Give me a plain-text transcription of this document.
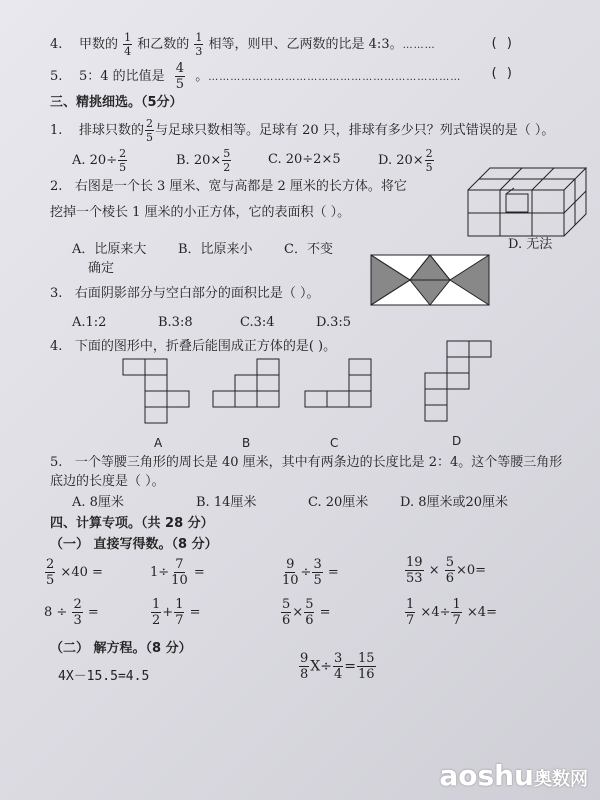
4. 甲数的 $\frac{1}{4}$ 和乙数的 $\frac{1}{3}$ 相等，则甲、乙两数的比是 4:3。………	( )
5. 5：4 的比值是 $\frac{4}{5}$ 。…………………………………………………………… ( )
三、精挑细选。（5分）
1. 排球只数的 $\frac{2}{5}$ 与足球只数相等。足球有 20 只，排球有多少只？列式错误的是（ ）。
A. $20\div \frac{2}{5}$	B. $20\times \frac{5}{2}$	C. 20÷2×5	D. $20\times \frac{2}{5}$
2. 右图是一个长 3 厘米、宽与高都是 2 厘米的长方体。将它
挖掉一个棱长 1 厘米的小正方体，它的表面积（ ）。
A．比原来大 B．比原来小 C．不变	D. 无法
确定
3. 右面阴影部分与空白部分的面积比是（ ）。
A.1:2	B.3:8	C.3:4	D.3:5
4. 下面的图形中，折叠后能围成正方体的是( )。
A	B	C	D
5. 一个等腰三角形的周长是 40 厘米，其中有两条边的长度比是 2：4。这个等腰三角形
底边的长度是（ ）。
A. 8厘米	B. 14厘米	C. 20厘米 D. 8厘米或20厘米
四、计算专项。（共 28 分）
（一） 直接写得数。（8 分）
$\frac{2}{5} \times 40$ =	$1\div \frac{7}{10}$ =	$\frac{9}{10} \div \frac{3}{5}$ =	$\frac{19}{53} \times \frac{5}{6} \times 0=$
$8 \div \frac{2}{3}$ =	$\frac{1}{2} + \frac{1}{7}$ =	$\frac{5}{6} \times \frac{5}{6}$ =	$\frac{1}{7} \times 4\div \frac{1}{7} \times 4=$
（二） 解方程。（8 分）
4X－15.5=4.5	$\frac{9}{8} X\div \frac{3}{4} = \frac{15}{16}$
aoshu奥数网
